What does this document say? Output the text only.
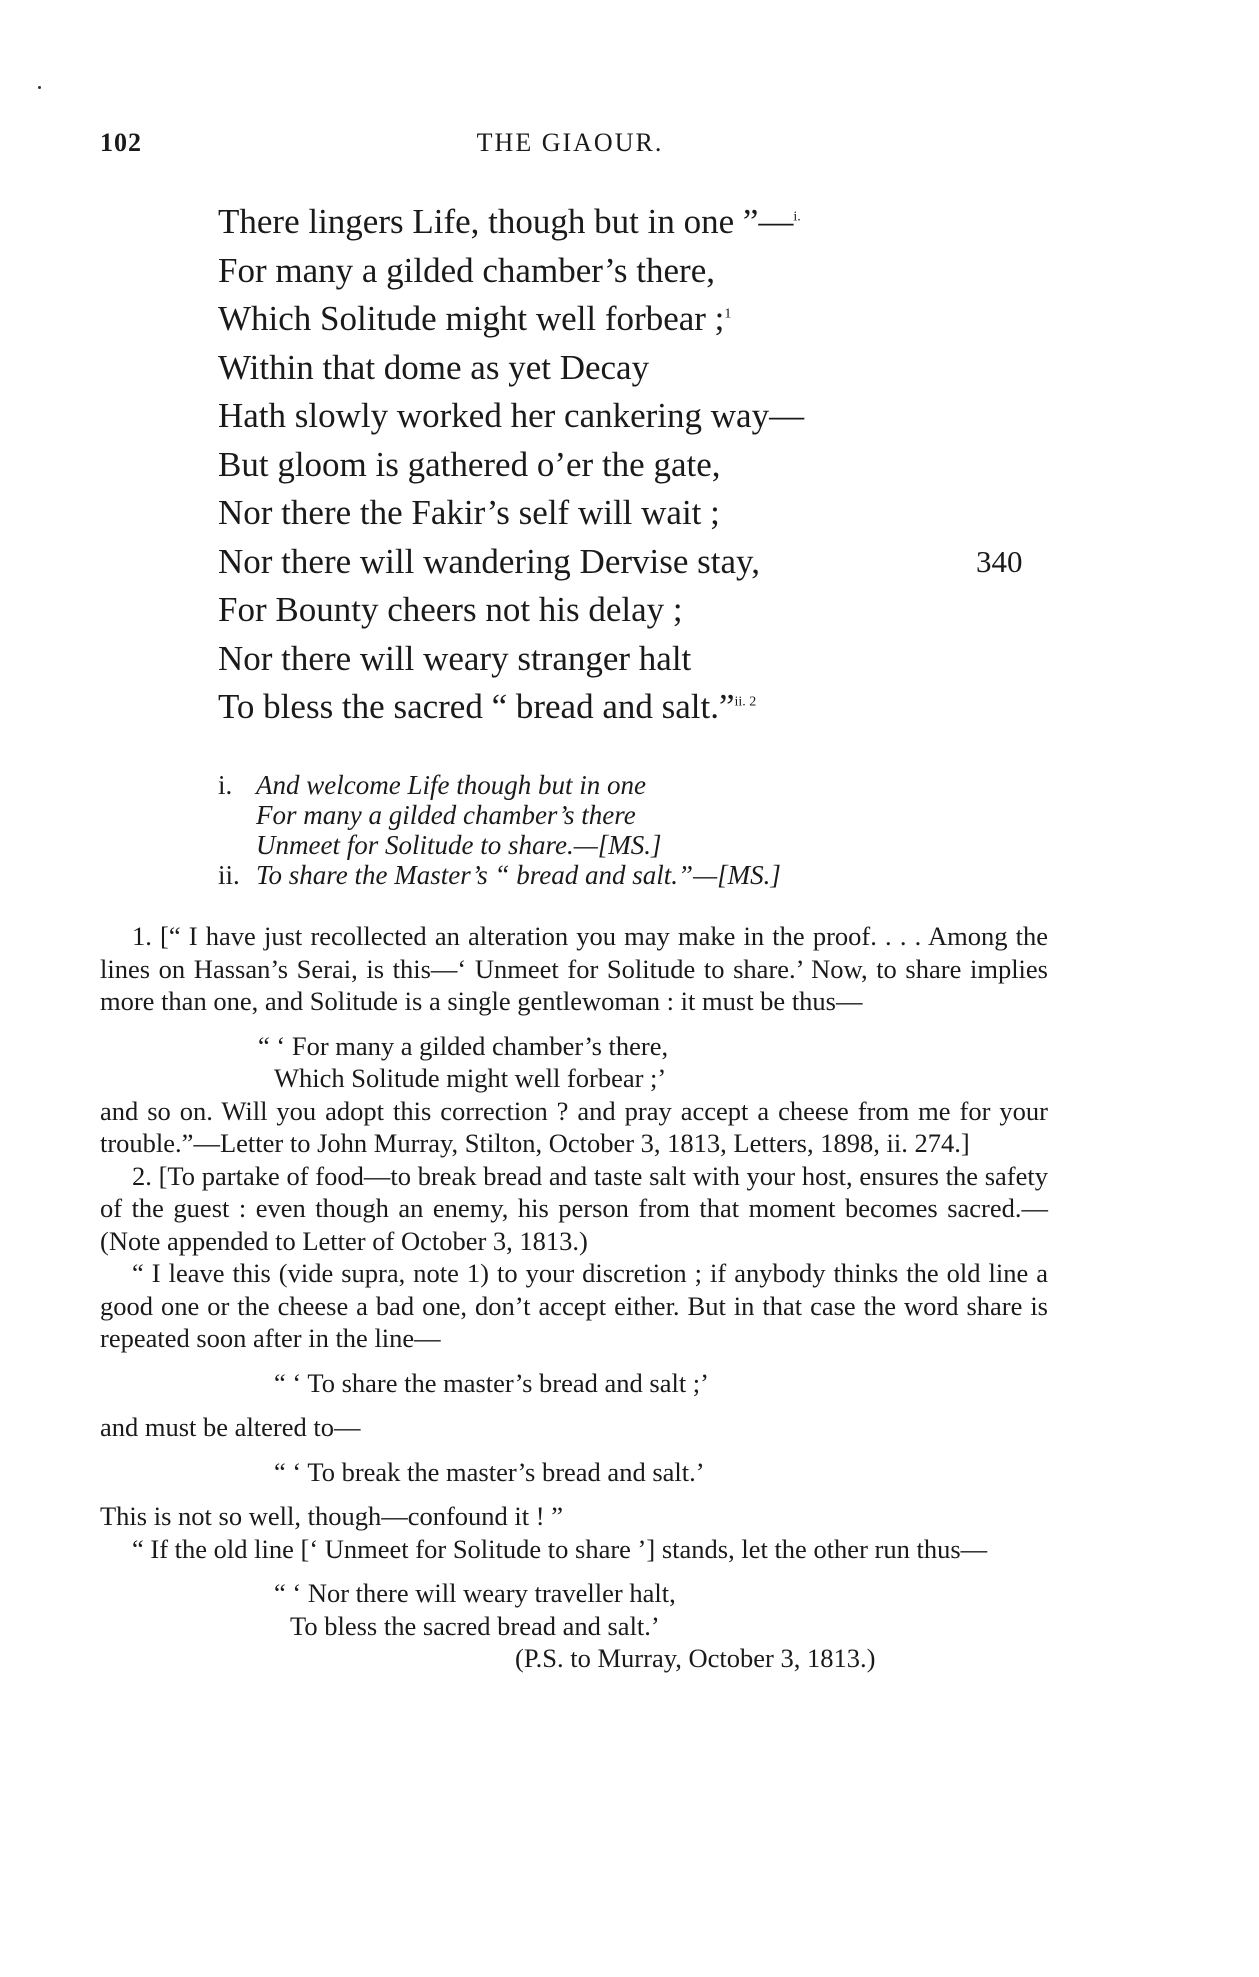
102	THE GIAOUR.
There lingers Life, though but in one ”—$^{i.}$
For many a gilded chamber’s there,
Which Solitude might well forbear ;$^1$
Within that dome as yet Decay
Hath slowly worked her cankering way—
But gloom is gathered o’er the gate,
Nor there the Fakir’s self will wait ;
Nor there will wandering Dervise stay,	340
For Bounty cheers not his delay ;
Nor there will weary stranger halt
To bless the sacred “ bread and salt.”$^{ii. 2}$
i. And welcome Life though but in one
For many a gilded chamber’s there
Unmeet for Solitude to share.—[MS.]
ii. To share the Master’s “ bread and salt.”—[MS.]
1. [“ I have just recollected an alteration you may make in the proof. . . . Among the lines on Hassan’s Serai, is this—‘ Unmeet for Solitude to share.’ Now, to share implies more than one, and Solitude is a single gentlewoman : it must be thus—
“ ‘ For many a gilded chamber’s there,
Which Solitude might well forbear ;’
and so on. Will you adopt this correction ? and pray accept a cheese from me for your trouble.”—Letter to John Murray, Stilton, October 3, 1813, Letters, 1898, ii. 274.]
2. [To partake of food—to break bread and taste salt with your host, ensures the safety of the guest : even though an enemy, his person from that moment becomes sacred.—(Note appended to Letter of October 3, 1813.)
“ I leave this (vide supra, note 1) to your discretion ; if anybody thinks the old line a good one or the cheese a bad one, don’t accept either. But in that case the word share is repeated soon after in the line—
“ ‘ To share the master’s bread and salt ;’
and must be altered to—
“ ‘ To break the master’s bread and salt.’
This is not so well, though—confound it ! ”
“ If the old line [‘ Unmeet for Solitude to share ’] stands, let the other run thus—
“ ‘ Nor there will weary traveller halt,
To bless the sacred bread and salt.’
(P.S. to Murray, October 3, 1813.)
